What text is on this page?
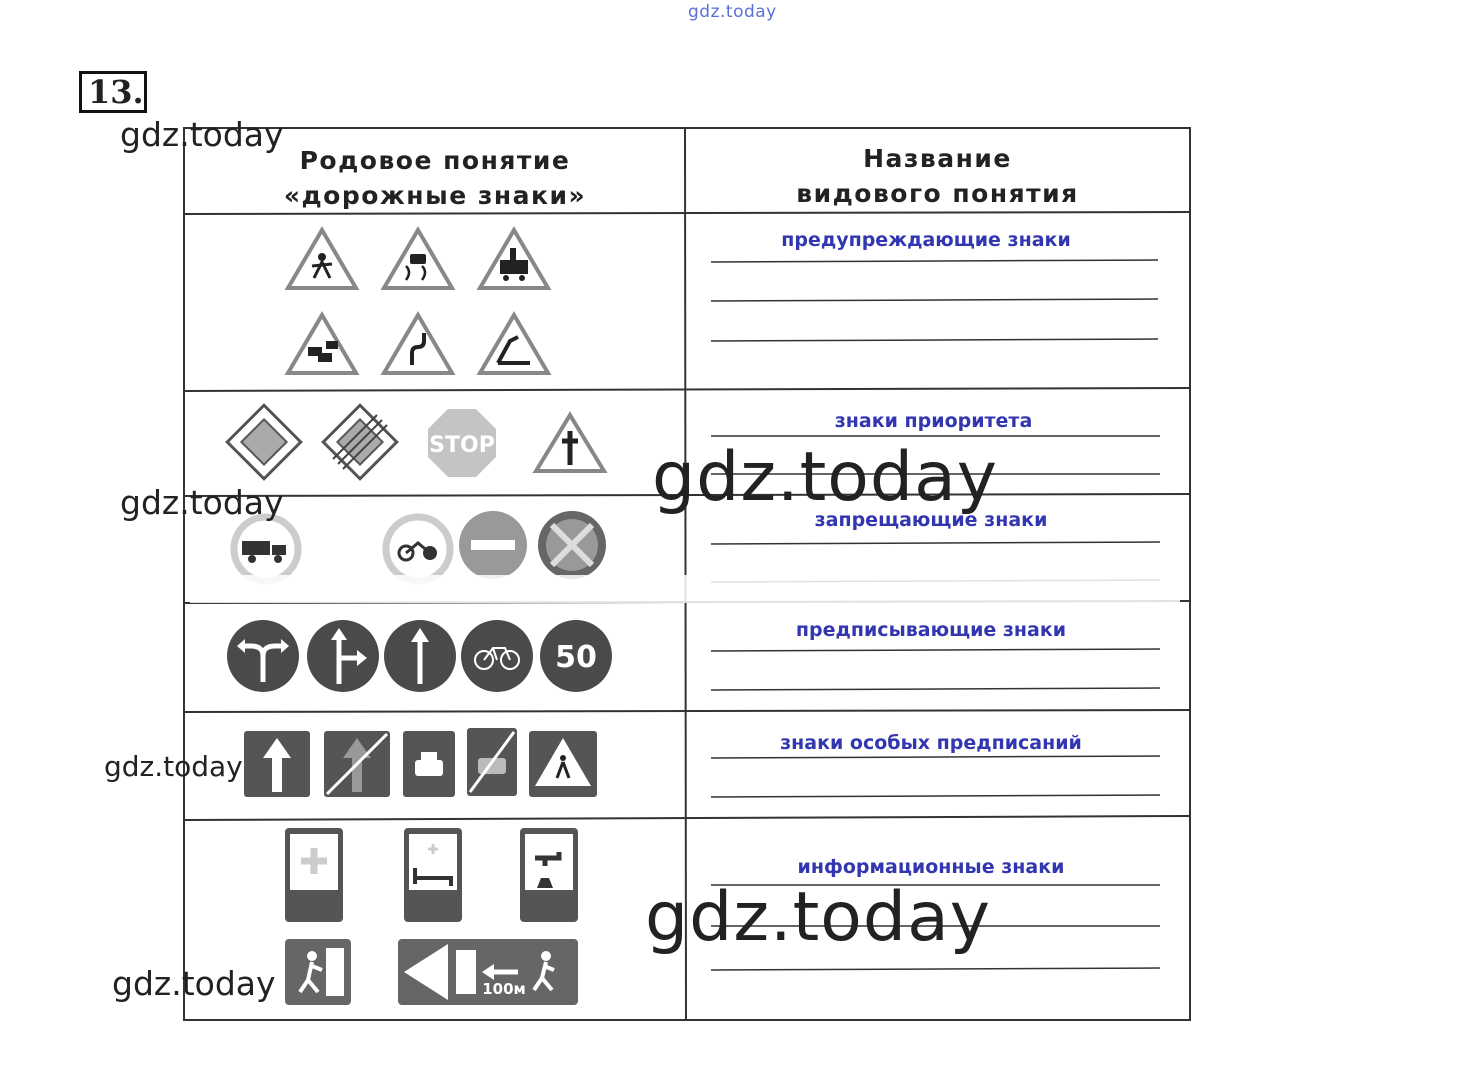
gdz.today
13.
Родовое понятие
«дорожные знаки»
Название
видового понятия
предупреждающие знаки
знаки приоритета
запрещающие знаки
предписывающие знаки
знаки особых предписаний
информационные знаки
STOP
8т
50
100м
gdz.today
gdz.today
gdz.today
gdz.today
gdz.today
gdz.today
